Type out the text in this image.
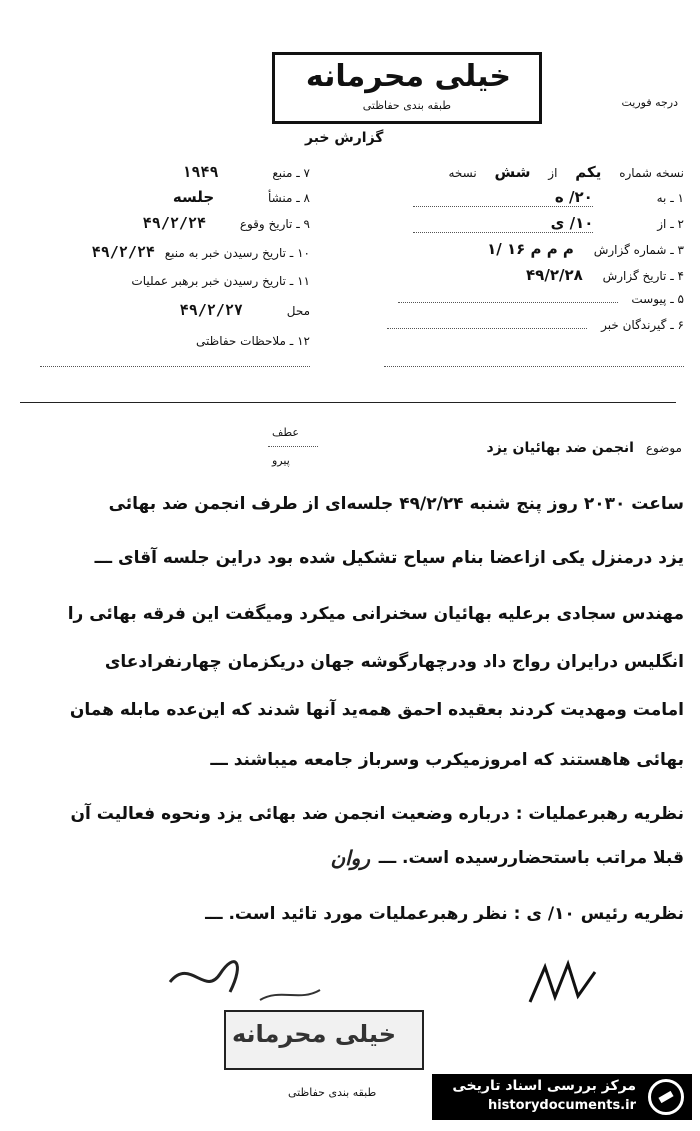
خیلی محرمانه
طبقه بندی حفاظتی	درجه فوریت
گزارش خبر
نسخه شماره یکم از شش نسخه
۱ ـ به ۲۰/ ه
۲ ـ از ۱۰/ ی
۳ ـ شماره گزارش م م م ۱۶ /۱
۴ ـ تاریخ گزارش ۴۹/۲/۲۸
۵ ـ پیوست
۶ ـ گیرندگان خبر
۷ ـ منبع ۱۹۴۹
۸ ـ منشأ جلسه
۹ ـ تاریخ وقوع ۴۹/۲/۲۴
۱۰ ـ تاریخ رسیدن خبر به منبع ۴۹/۲/۲۴
۱۱ ـ تاریخ رسیدن خبر برهبر عملیات
محل ۴۹/۲/۲۷
۱۲ ـ ملاحظات حفاظتی
عطف
پیرو
موضوع انجمن ضد بهائیان یزد
ساعت ۲۰۳۰ روز پنج شنبه ۴۹/۲/۲۴ جلسه‌ای از طرف انجمن ضد بهائی
یزد درمنزل یکی ازاعضا بنام سیاح تشکیل شده بود دراین جلسه آقای ـــ
مهندس سجادی برعلیه بهائیان سخنرانی میکرد ومیگفت این فرقه بهائی را
انگلیس درایران رواج داد ودرچهارگوشه جهان دریکزمان چهارنفرادعای
امامت ومهدیت کردند بعقیده احمق همه‌ید آنها شدند که این‌عده مابله همان
بهائی هاهستند که امروزمیکرب وسرباز جامعه میباشند ـــ
نظریه رهبرعملیات : درباره وضعیت انجمن ضد بهائی یزد ونحوه فعالیت آن
قبلا مراتب باستحضاررسیده است. ـــ
روان
نظریه رئیس ۱۰/ ی : نظر رهبرعملیات مورد تائید است. ـــ
خیلی محرمانه
طبقه بندی حفاظتی	مرکز بررسی اسناد تاریخی
historydocuments.ir
